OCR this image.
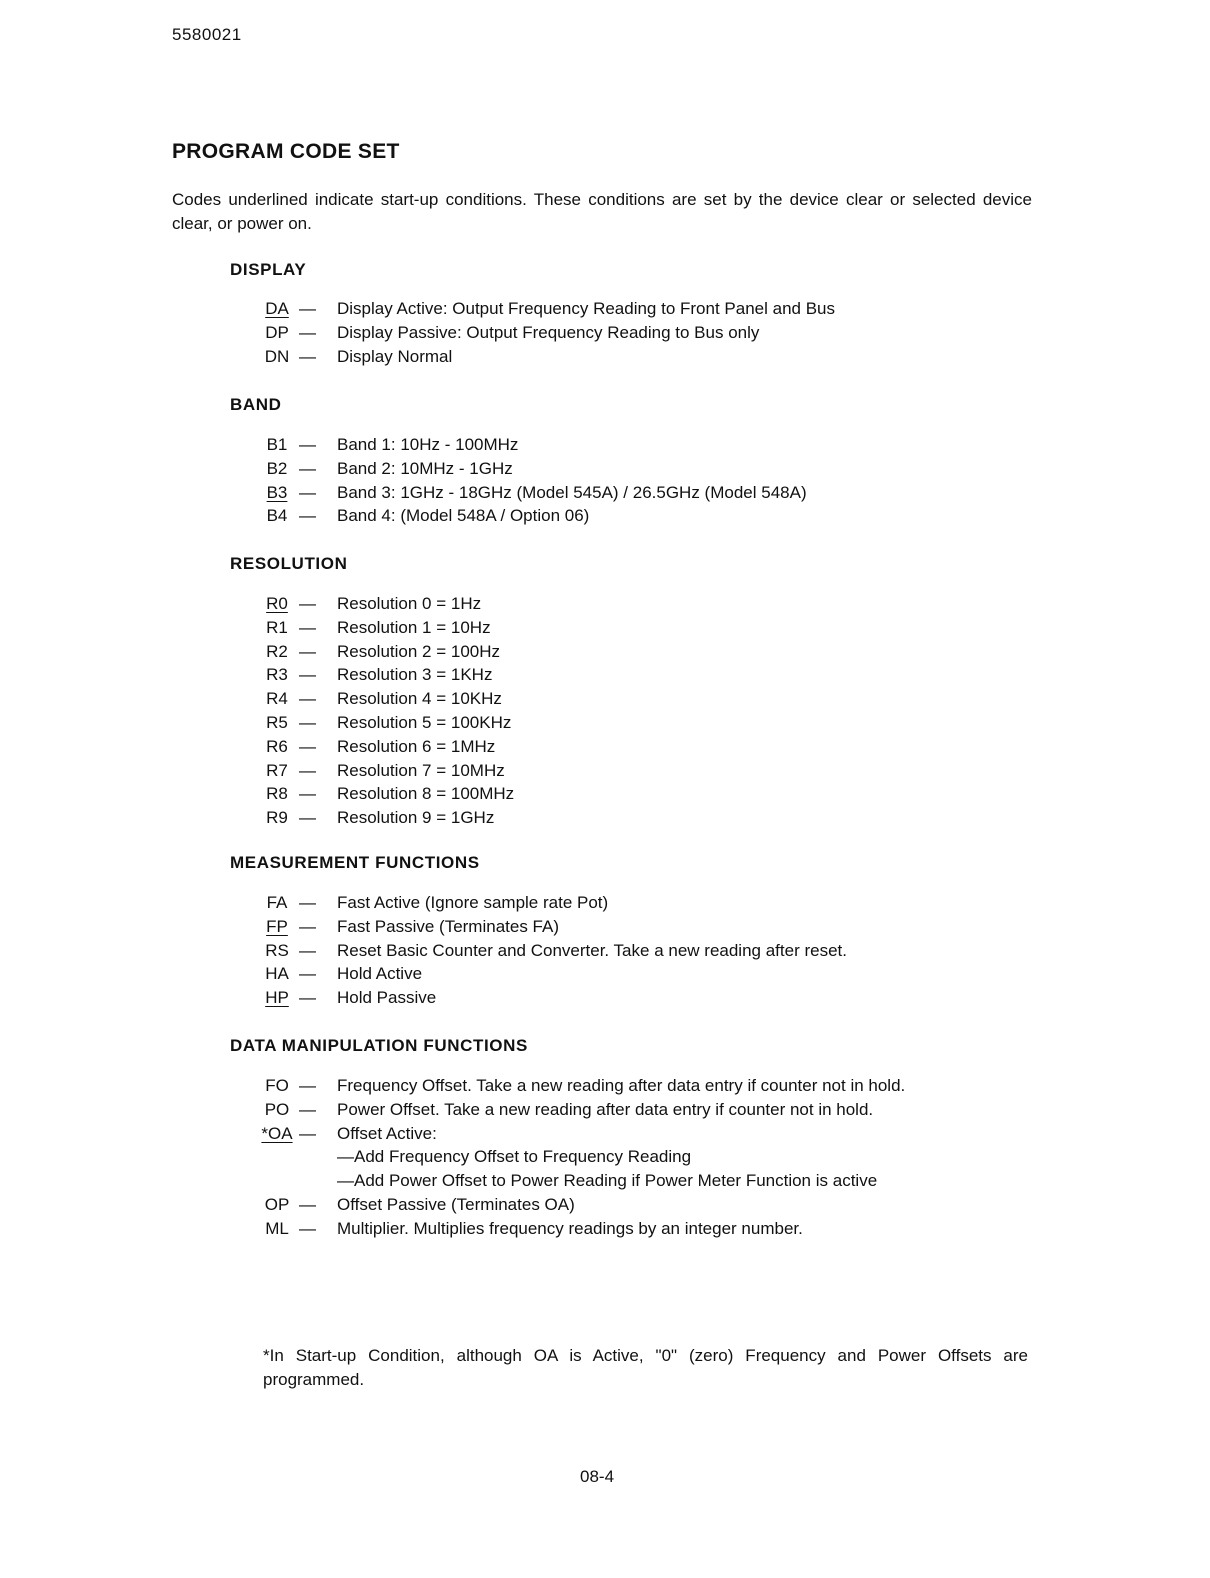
5580021
PROGRAM CODE SET
Codes underlined indicate start-up conditions. These conditions are set by the device clear or selected device clear, or power on.
DISPLAY
DA —	Display Active: Output Frequency Reading to Front Panel and Bus
DP —	Display Passive: Output Frequency Reading to Bus only
DN —	Display Normal
BAND
B1 —	Band 1: 10Hz - 100MHz
B2 —	Band 2: 10MHz - 1GHz
B3 —	Band 3: 1GHz - 18GHz (Model 545A) / 26.5GHz (Model 548A)
B4 —	Band 4: (Model 548A / Option 06)
RESOLUTION
R0 —	Resolution 0 = 1Hz
R1 —	Resolution 1 = 10Hz
R2 —	Resolution 2 = 100Hz
R3 —	Resolution 3 = 1KHz
R4 —	Resolution 4 = 10KHz
R5 —	Resolution 5 = 100KHz
R6 —	Resolution 6 = 1MHz
R7 —	Resolution 7 = 10MHz
R8 —	Resolution 8 = 100MHz
R9 —	Resolution 9 = 1GHz
MEASUREMENT FUNCTIONS
FA —	Fast Active (Ignore sample rate Pot)
FP —	Fast Passive (Terminates FA)
RS —	Reset Basic Counter and Converter. Take a new reading after reset.
HA —	Hold Active
HP —	Hold Passive
DATA MANIPULATION FUNCTIONS
FO —	Frequency Offset. Take a new reading after data entry if counter not in hold.
PO —	Power Offset. Take a new reading after data entry if counter not in hold.
*OA —	Offset Active:
—Add Frequency Offset to Frequency Reading
—Add Power Offset to Power Reading if Power Meter Function is active
OP —	Offset Passive (Terminates OA)
ML —	Multiplier. Multiplies frequency readings by an integer number.
*In Start-up Condition, although OA is Active, "0" (zero) Frequency and Power Offsets are programmed.
08-4
